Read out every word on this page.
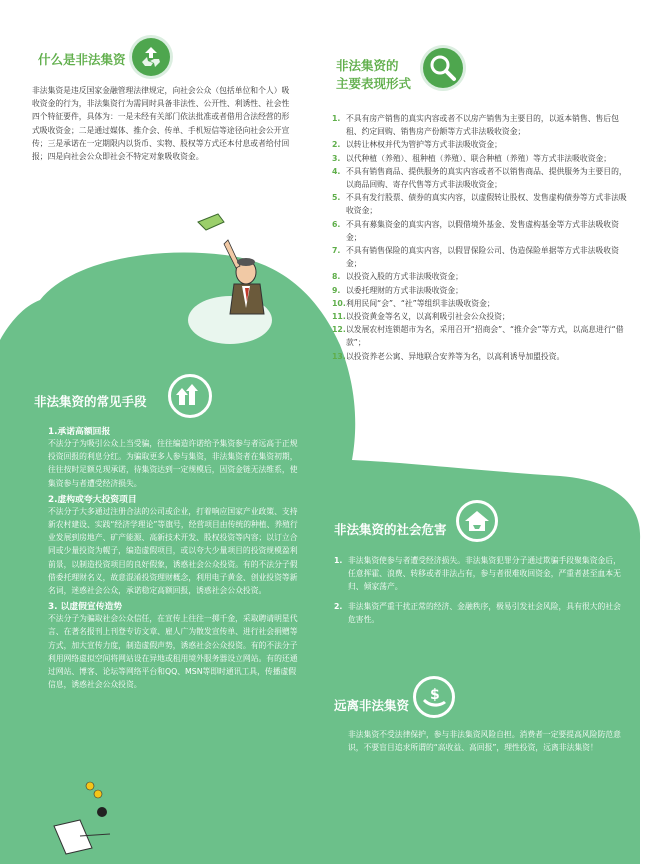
什么是非法集资
非法集资是违反国家金融管理法律规定，向社会公众（包括单位和个人）吸收资金的行为，非法集资行为需同时具备非法性、公开性、利诱性、社会性四个特征要件，具体为：一是未经有关部门依法批准或者借用合法经营的形式吸收资金；二是通过媒体、推介会、传单、手机短信等途径向社会公开宣传；三是承诺在一定期限内以货币、实物、股权等方式还本付息或者给付回报；四是向社会公众即社会不特定对象吸收资金。
非法集资的
主要表现形式
1. 不具有房产销售的真实内容或者不以房产销售为主要目的，以返本销售、售后包租、约定回购、销售房产份额等方式非法吸收资金；
2. 以转让林权并代为管护等方式非法吸收资金；
3. 以代种植（养殖）、租种植（养殖）、联合种植（养殖）等方式非法吸收资金；
4. 不具有销售商品、提供服务的真实内容或者不以销售商品、提供服务为主要目的，以商品回购、寄存代售等方式非法吸收资金；
5. 不具有发行股票、债券的真实内容，以虚假转让股权、发售虚构债券等方式非法吸收资金；
6. 不具有募集资金的真实内容，以假借境外基金、发售虚构基金等方式非法吸收资金；
7. 不具有销售保险的真实内容，以假冒保险公司、伪造保险单据等方式非法吸收资金；
8. 以投资入股的方式非法吸收资金；
9. 以委托理财的方式非法吸收资金；
10. 利用民间“会”、“社”等组织非法吸收资金；
11. 以投资黄金等名义，以高利吸引社会公众投资；
12. 以发展农村连锁超市为名，采用召开“招商会”、“推介会”等方式，以高息进行“借款”；
13. 以投资养老公寓、异地联合安养等为名，以高利诱导加盟投资。
非法集资的常见手段
1.承诺高额回报
不法分子为吸引公众上当受骗，往往编造许诺给予集资参与者远高于正规投资回报的利息分红。为骗取更多人参与集资，非法集资者在集资初期，往往按时足额兑现承诺，待集资达到一定规模后，因资金链无法维系，使集资参与者遭受经济损失。
2.虚构或夸大投资项目
不法分子大多通过注册合法的公司或企业，打着响应国家产业政策、支持新农村建设、实践“经济学理论”等旗号，经营项目由传统的种植、养殖行业发展到房地产、矿产能源、高新技术开发、股权投资等内容；以订立合同或少量投资为幌子，编造虚假项目，或以夸大少量项目的投资规模盈利前景，以制造投资项目的良好假象，诱惑社会公众投资。有的不法分子假借委托理财名义，故意混淆投资理财概念，利用电子黄金、创业投资等新名词，迷惑社会公众，承诺稳定高额回报，诱惑社会公众投资。
3. 以虚假宣传造势
不法分子为骗取社会公众信任，在宣传上往往一掷千金，采取聘请明星代言、在著名报刊上刊登专访文章、雇人广为散发宣传单、进行社会捐赠等方式，加大宣传力度，制造虚假声势，诱惑社会公众投资。有的不法分子利用网络虚拟空间将网站设在异地或租用境外服务器设立网站。有的还通过网站、博客、论坛等网络平台和QQ、MSN等即时通讯工具，传播虚假信息，诱惑社会公众投资。
非法集资的社会危害
1. 非法集资使参与者遭受经济损失。非法集资犯罪分子通过欺骗手段聚集资金后，任意挥霍、浪费、转移或者非法占有，参与者很难收回资金，严重者甚至血本无归、倾家荡产。
2. 非法集资严重干扰正常的经济、金融秩序，极易引发社会风险，具有很大的社会危害性。
远离非法集资
非法集资不受法律保护，参与非法集资风险自担。消费者一定要提高风险防范意识，不要盲目追求所谓的“高收益、高回报”，理性投资，远离非法集资！
$
